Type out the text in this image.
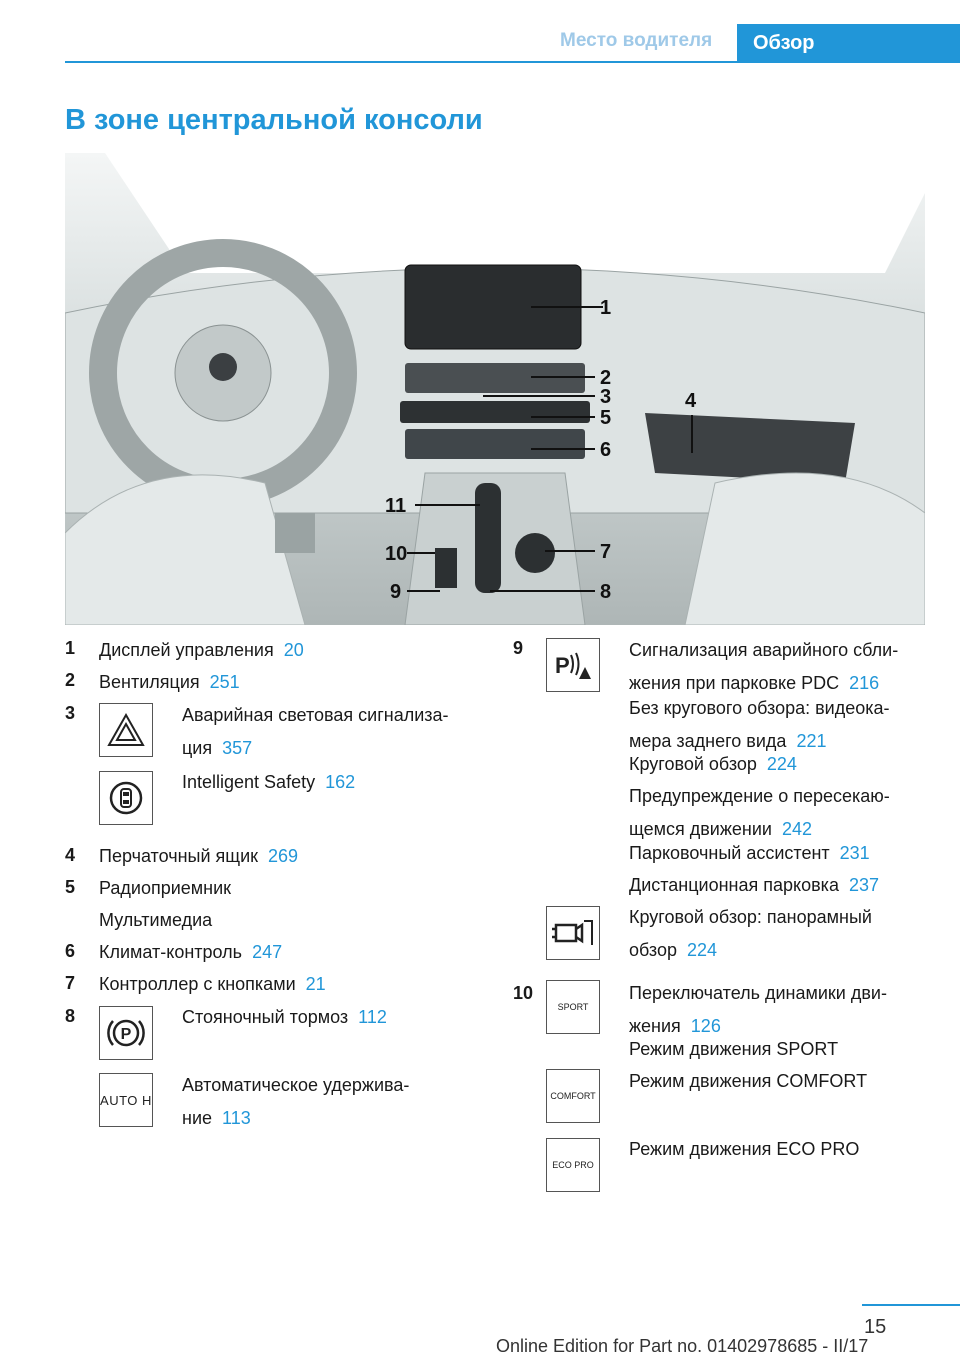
Место водителя	Обзор
В зоне центральной консоли
1
2
3
5
6
4
11
10	7
9	8
1 Дисплей управления 20
2 Вентиляция 251
3	Аварийная световая сигнализа-
ция 357
Intelligent Safety 162
4 Перчаточный ящик 269
5 Радиоприемник
Мультимедиа
6 Климат-контроль 247
7 Контроллер с кнопками 21
8
P
Стояночный тормоз 112
AUTO H
Автоматическое удержива-
ние 113
9
P
Сигнализация аварийного сбли-
жения при парковке PDC 216
Без кругового обзора: видеока-
мера заднего вида 221
Круговой обзор 224
Предупреждение о пересекаю-
щемся движении 242
Парковочный ассистент 231
Дистанционная парковка 237
Круговой обзор: панорамный
обзор 224
10
SPORT
Переключатель динамики дви-
жения 126
Режим движения SPORT
COMFORT
Режим движения COMFORT
ECO PRO
Режим движения ECO PRO
15
Online Edition for Part no. 01402978685 - II/17
